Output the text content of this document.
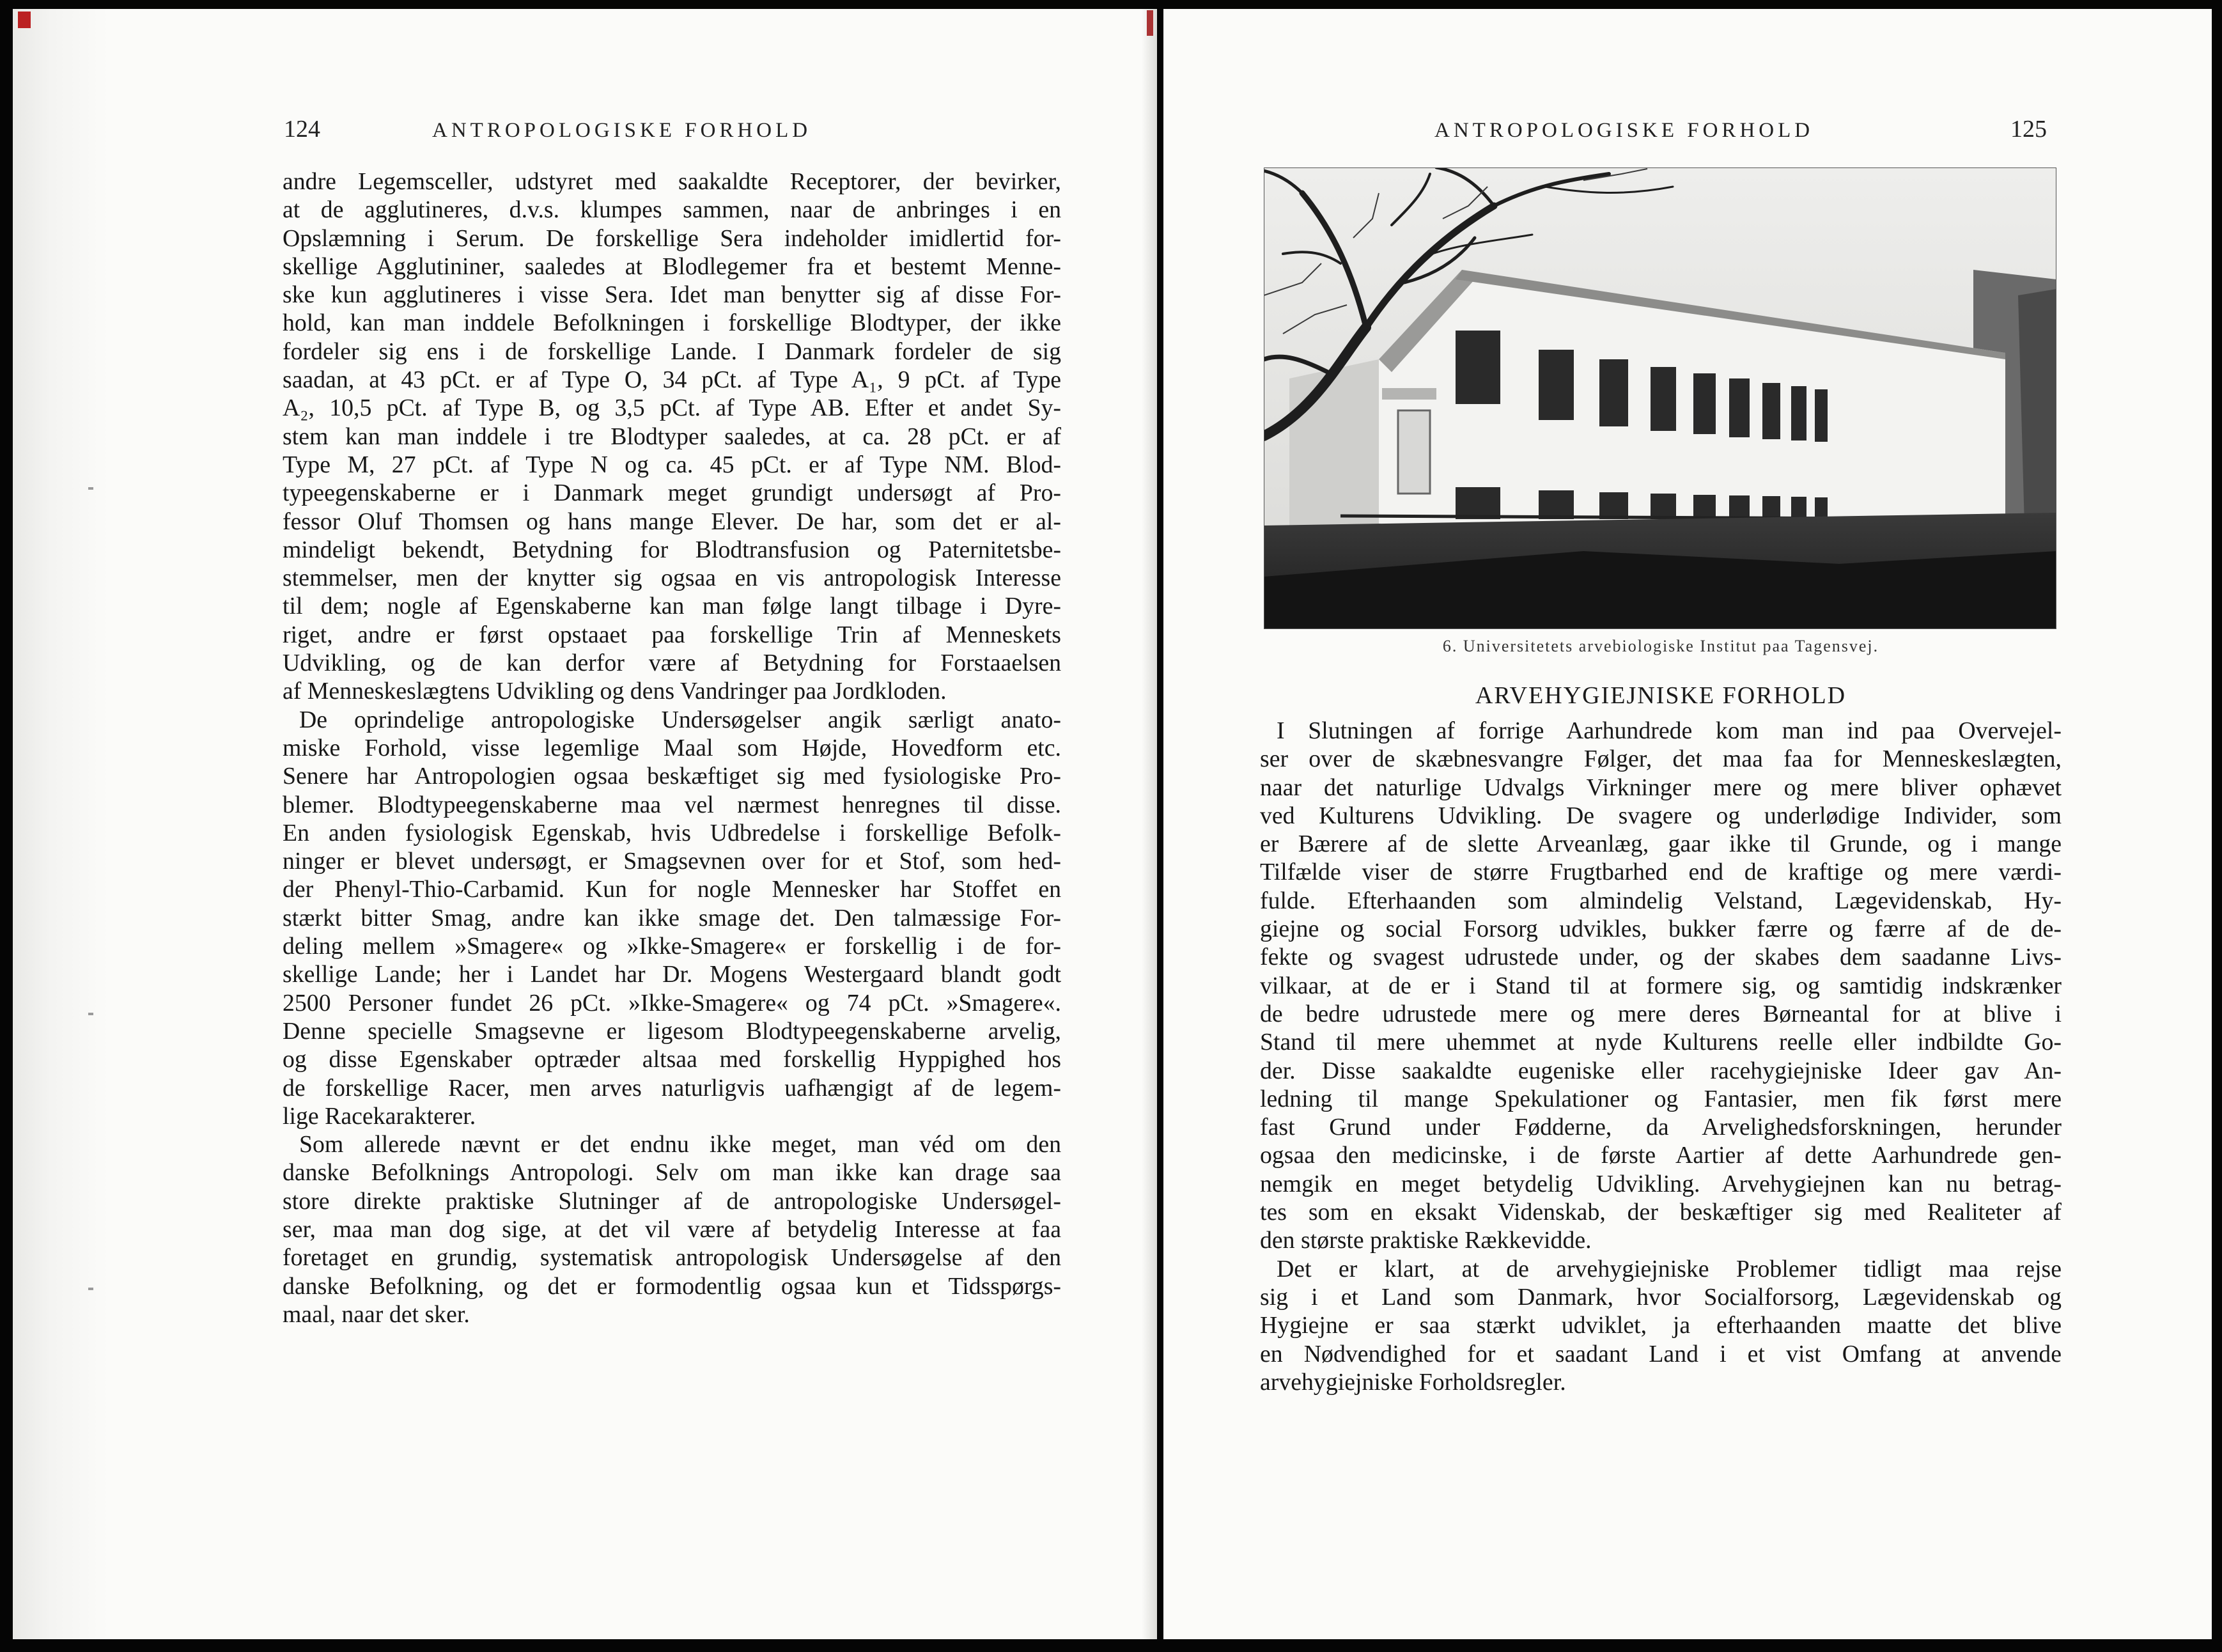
124	ANTROPOLOGISKE FORHOLD
andre Legemsceller, udstyret med saakaldte Receptorer, der bevirker,
at de agglutineres, d.v.s. klumpes sammen, naar de anbringes i en
Opslæmning i Serum. De forskellige Sera indeholder imidlertid for-
skellige Agglutininer, saaledes at Blodlegemer fra et bestemt Menne-
ske kun agglutineres i visse Sera. Idet man benytter sig af disse For-
hold, kan man inddele Befolkningen i forskellige Blodtyper, der ikke
fordeler sig ens i de forskellige Lande. I Danmark fordeler de sig
saadan, at 43 pCt. er af Type O, 34 pCt. af Type A₁, 9 pCt. af Type
A₂, 10,5 pCt. af Type B, og 3,5 pCt. af Type AB. Efter et andet Sy-
stem kan man inddele i tre Blodtyper saaledes, at ca. 28 pCt. er af
Type M, 27 pCt. af Type N og ca. 45 pCt. er af Type NM. Blod-
typeegenskaberne er i Danmark meget grundigt undersøgt af Pro-
fessor Oluf Thomsen og hans mange Elever. De har, som det er al-
mindeligt bekendt, Betydning for Blodtransfusion og Paternitetsbe-
stemmelser, men der knytter sig ogsaa en vis antropologisk Interesse
til dem; nogle af Egenskaberne kan man følge langt tilbage i Dyre-
riget, andre er først opstaaet paa forskellige Trin af Menneskets
Udvikling, og de kan derfor være af Betydning for Forstaaelsen
af Menneskeslægtens Udvikling og dens Vandringer paa Jordkloden.
De oprindelige antropologiske Undersøgelser angik særligt anato-
miske Forhold, visse legemlige Maal som Højde, Hovedform etc.
Senere har Antropologien ogsaa beskæftiget sig med fysiologiske Pro-
blemer. Blodtypeegenskaberne maa vel nærmest henregnes til disse.
En anden fysiologisk Egenskab, hvis Udbredelse i forskellige Befolk-
ninger er blevet undersøgt, er Smagsevnen over for et Stof, som hed-
der Phenyl-Thio-Carbamid. Kun for nogle Mennesker har Stoffet en
stærkt bitter Smag, andre kan ikke smage det. Den talmæssige For-
deling mellem »Smagere« og »Ikke-Smagere« er forskellig i de for-
skellige Lande; her i Landet har Dr. Mogens Westergaard blandt godt
2500 Personer fundet 26 pCt. »Ikke-Smagere« og 74 pCt. »Smagere«.
Denne specielle Smagsevne er ligesom Blodtypeegenskaberne arvelig,
og disse Egenskaber optræder altsaa med forskellig Hyppighed hos
de forskellige Racer, men arves naturligvis uafhængigt af de legem-
lige Racekarakterer.
Som allerede nævnt er det endnu ikke meget, man véd om den
danske Befolknings Antropologi. Selv om man ikke kan drage saa
store direkte praktiske Slutninger af de antropologiske Undersøgel-
ser, maa man dog sige, at det vil være af betydelig Interesse at faa
foretaget en grundig, systematisk antropologisk Undersøgelse af den
danske Befolkning, og det er formodentlig ogsaa kun et Tidsspørgs-
maal, naar det sker.
ANTROPOLOGISKE FORHOLD	125
6. Universitetets arvebiologiske Institut paa Tagensvej.
ARVEHYGIEJNISKE FORHOLD
I Slutningen af forrige Aarhundrede kom man ind paa Overvejel-
ser over de skæbnesvangre Følger, det maa faa for Menneskeslægten,
naar det naturlige Udvalgs Virkninger mere og mere bliver ophævet
ved Kulturens Udvikling. De svagere og underlødige Individer, som
er Bærere af de slette Arveanlæg, gaar ikke til Grunde, og i mange
Tilfælde viser de større Frugtbarhed end de kraftige og mere værdi-
fulde. Efterhaanden som almindelig Velstand, Lægevidenskab, Hy-
giejne og social Forsorg udvikles, bukker færre og færre af de de-
fekte og svagest udrustede under, og der skabes dem saadanne Livs-
vilkaar, at de er i Stand til at formere sig, og samtidig indskrænker
de bedre udrustede mere og mere deres Børneantal for at blive i
Stand til mere uhemmet at nyde Kulturens reelle eller indbildte Go-
der. Disse saakaldte eugeniske eller racehygiejniske Ideer gav An-
ledning til mange Spekulationer og Fantasier, men fik først mere
fast Grund under Fødderne, da Arvelighedsforskningen, herunder
ogsaa den medicinske, i de første Aartier af dette Aarhundrede gen-
nemgik en meget betydelig Udvikling. Arvehygiejnen kan nu betrag-
tes som en eksakt Videnskab, der beskæftiger sig med Realiteter af
den største praktiske Rækkevidde.
Det er klart, at de arvehygiejniske Problemer tidligt maa rejse
sig i et Land som Danmark, hvor Socialforsorg, Lægevidenskab og
Hygiejne er saa stærkt udviklet, ja efterhaanden maatte det blive
en Nødvendighed for et saadant Land i et vist Omfang at anvende
arvehygiejniske Forholdsregler.
